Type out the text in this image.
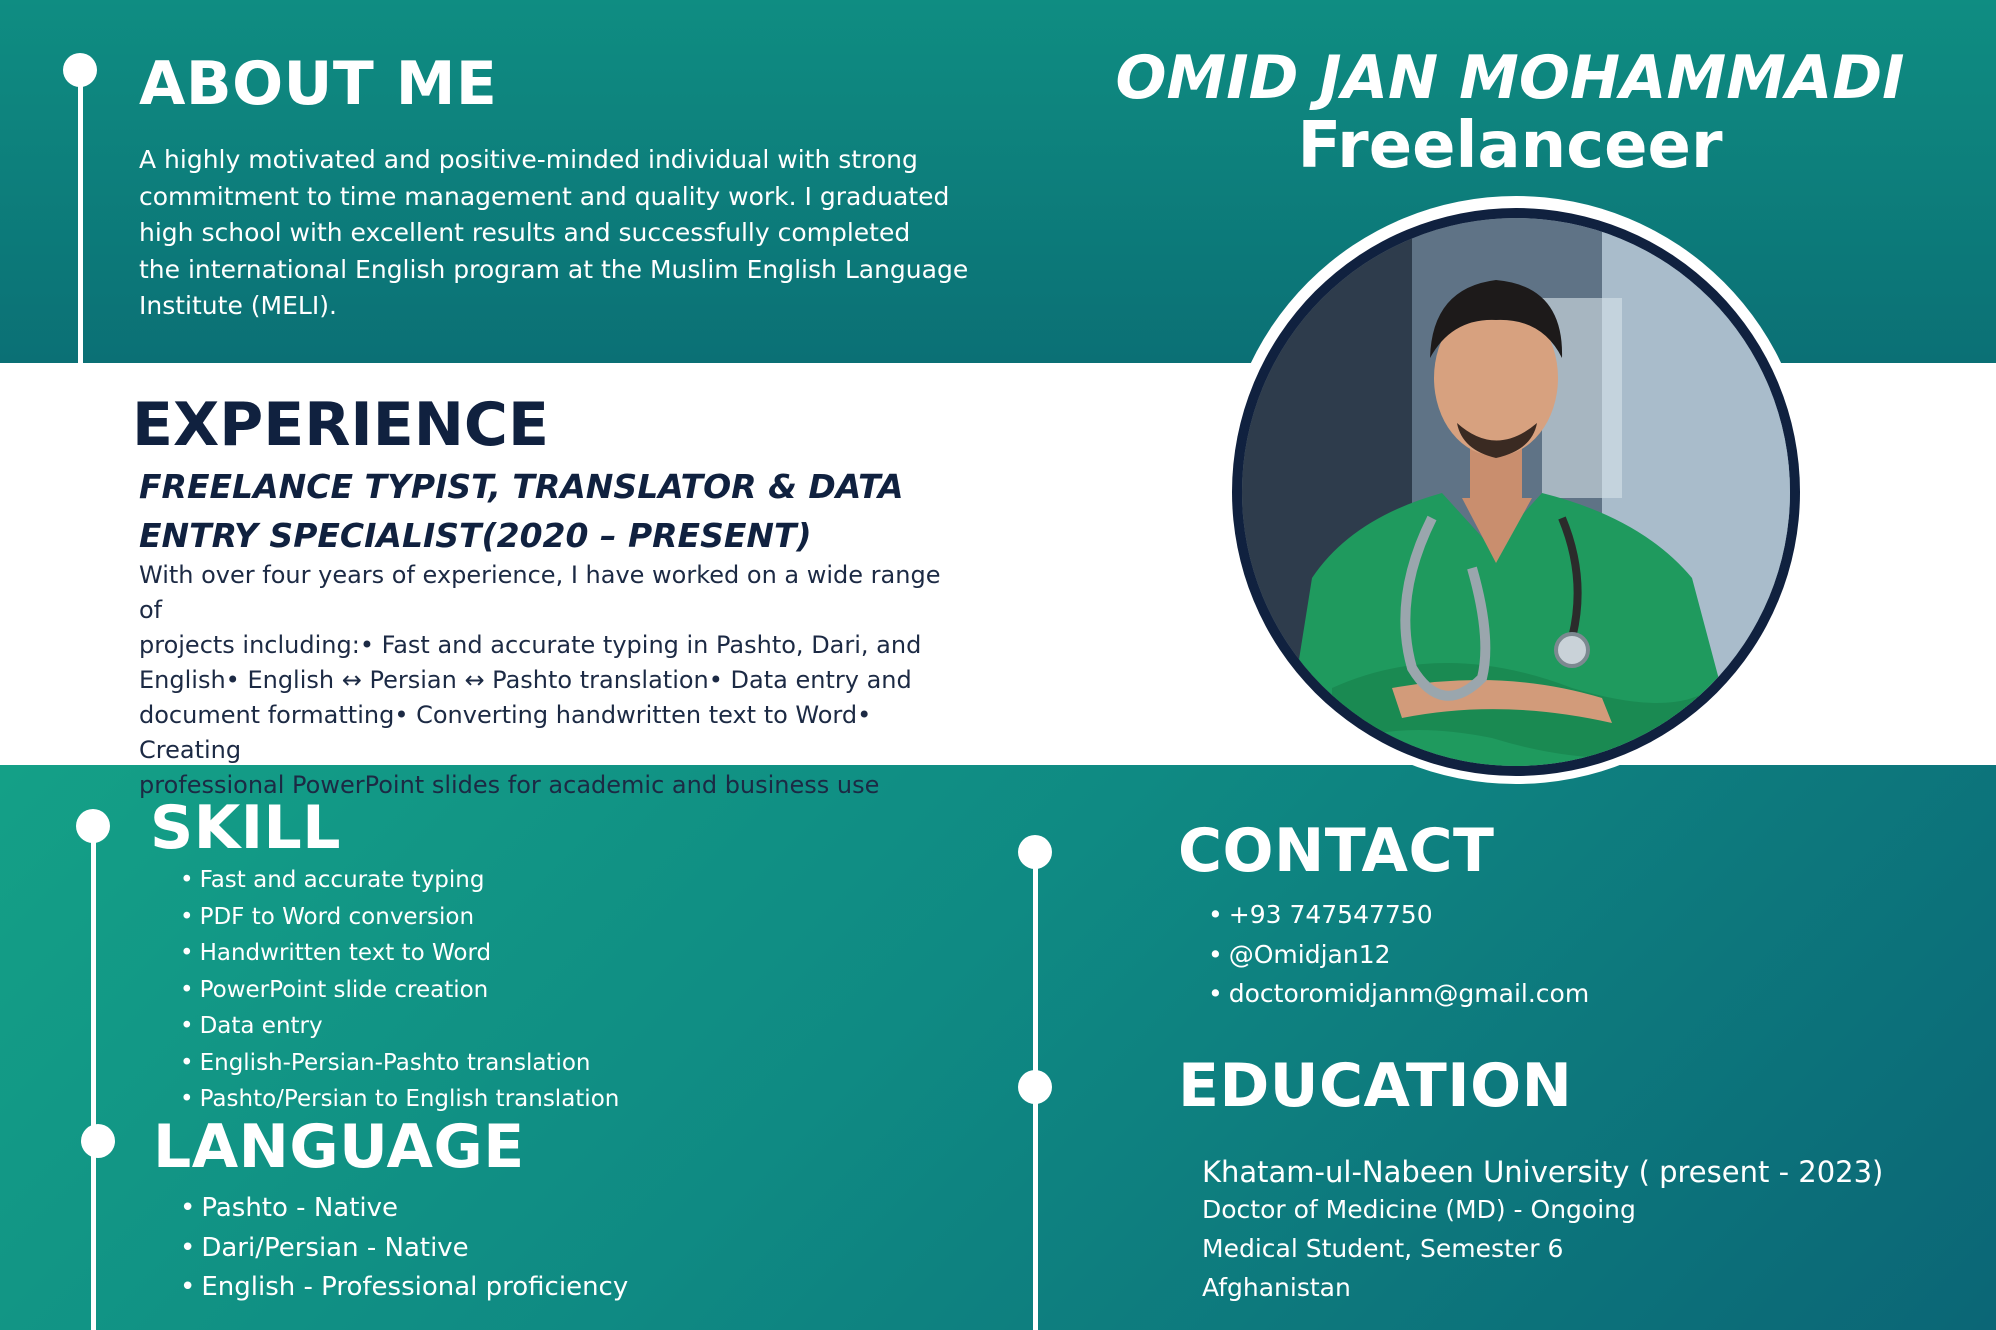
ABOUT ME
A highly motivated and positive-minded individual with strong
commitment to time management and quality work. I graduated
high school with excellent results and successfully completed
the international English program at the Muslim English Language
Institute (MELI).
OMID JAN MOHAMMADI
Freelanceer
EXPERIENCE
FREELANCE TYPIST, TRANSLATOR & DATA
ENTRY SPECIALIST(2020 – PRESENT)
With over four years of experience, I have worked on a wide range of
projects including:• Fast and accurate typing in Pashto, Dari, and
English• English ↔ Persian ↔ Pashto translation• Data entry and
document formatting• Converting handwritten text to Word• Creating
professional PowerPoint slides for academic and business use
SKILL
• Fast and accurate typing
• PDF to Word conversion
• Handwritten text to Word
• PowerPoint slide creation
• Data entry
• English-Persian-Pashto translation
• Pashto/Persian to English translation
LANGUAGE
• Pashto - Native
• Dari/Persian - Native
• English - Professional proficiency
CONTACT
• +93 747547750
• @Omidjan12
• doctoromidjanm@gmail.com
EDUCATION
Khatam-ul-Nabeen University ( present - 2023)
Doctor of Medicine (MD) - Ongoing
Medical Student, Semester 6
Afghanistan
